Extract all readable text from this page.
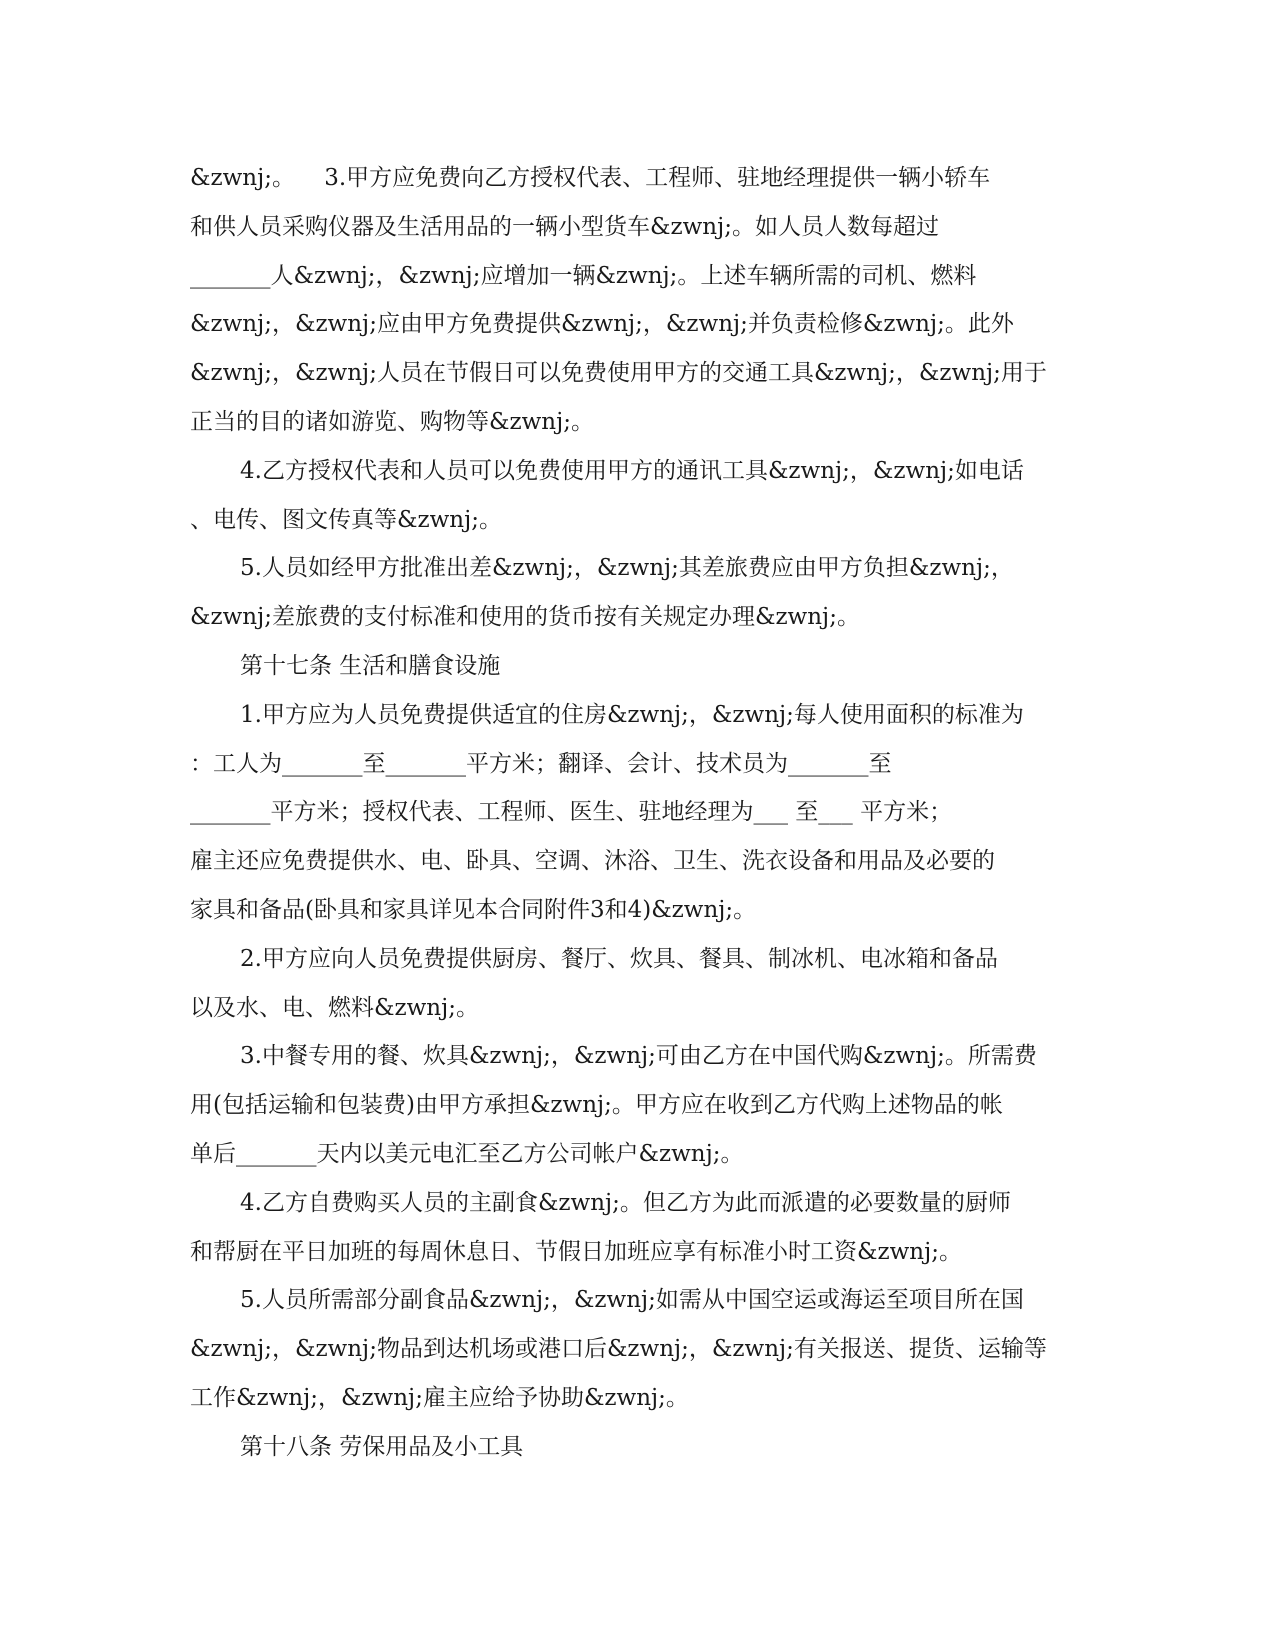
&zwnj;。    3.甲方应免费向乙方授权代表、工程师、驻地经理提供一辆小轿车
和供人员采购仪器及生活用品的一辆小型货车&zwnj;。如人员人数每超过
_______人&zwnj;，&zwnj;应增加一辆&zwnj;。上述车辆所需的司机、燃料
&zwnj;，&zwnj;应由甲方免费提供&zwnj;，&zwnj;并负责检修&zwnj;。此外
&zwnj;，&zwnj;人员在节假日可以免费使用甲方的交通工具&zwnj;，&zwnj;用于
正当的目的诸如游览、购物等&zwnj;。
4.乙方授权代表和人员可以免费使用甲方的通讯工具&zwnj;，&zwnj;如电话
、电传、图文传真等&zwnj;。
5.人员如经甲方批准出差&zwnj;，&zwnj;其差旅费应由甲方负担&zwnj;，
&zwnj;差旅费的支付标准和使用的货币按有关规定办理&zwnj;。
第十七条 生活和膳食设施
1.甲方应为人员免费提供适宜的住房&zwnj;，&zwnj;每人使用面积的标准为
：工人为_______至_______平方米；翻译、会计、技术员为_______至
_______平方米；授权代表、工程师、医生、驻地经理为___ 至___ 平方米；
雇主还应免费提供水、电、卧具、空调、沐浴、卫生、洗衣设备和用品及必要的
家具和备品(卧具和家具详见本合同附件3和4)&zwnj;。
2.甲方应向人员免费提供厨房、餐厅、炊具、餐具、制冰机、电冰箱和备品
以及水、电、燃料&zwnj;。
3.中餐专用的餐、炊具&zwnj;，&zwnj;可由乙方在中国代购&zwnj;。所需费
用(包括运输和包装费)由甲方承担&zwnj;。甲方应在收到乙方代购上述物品的帐
单后_______天内以美元电汇至乙方公司帐户&zwnj;。
4.乙方自费购买人员的主副食&zwnj;。但乙方为此而派遣的必要数量的厨师
和帮厨在平日加班的每周休息日、节假日加班应享有标准小时工资&zwnj;。
5.人员所需部分副食品&zwnj;，&zwnj;如需从中国空运或海运至项目所在国
&zwnj;，&zwnj;物品到达机场或港口后&zwnj;，&zwnj;有关报送、提货、运输等
工作&zwnj;，&zwnj;雇主应给予协助&zwnj;。
第十八条 劳保用品及小工具
